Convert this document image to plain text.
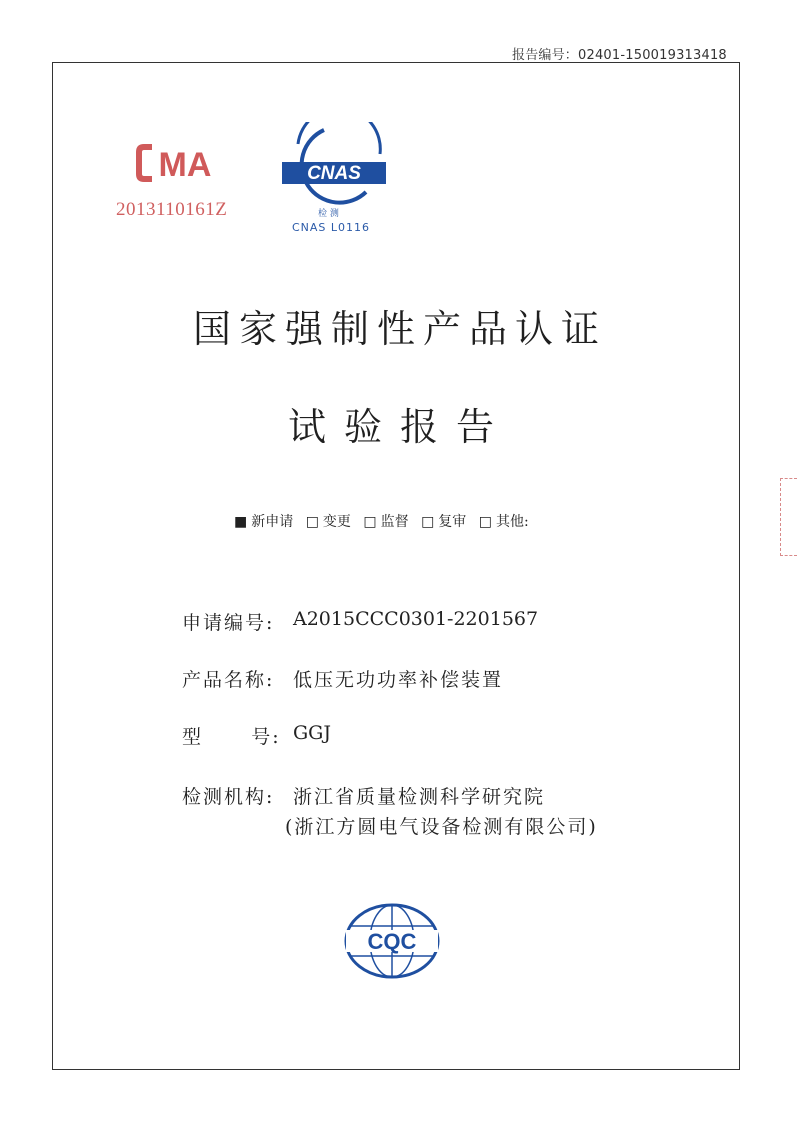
报告编号：02401-150019313418
MA
2013110161Z
CNAS
检 测
CNAS L0116
国家强制性产品认证
试验报告
■ 新申请 □ 变更 □ 监督 □ 复审 □ 其他:
申请编号: A2015CCC0301-2201567
产品名称: 低压无功功率补偿装置
型      号: GGJ
检测机构: 浙江省质量检测科学研究院
(浙江方圆电气设备检测有限公司)
CQC
